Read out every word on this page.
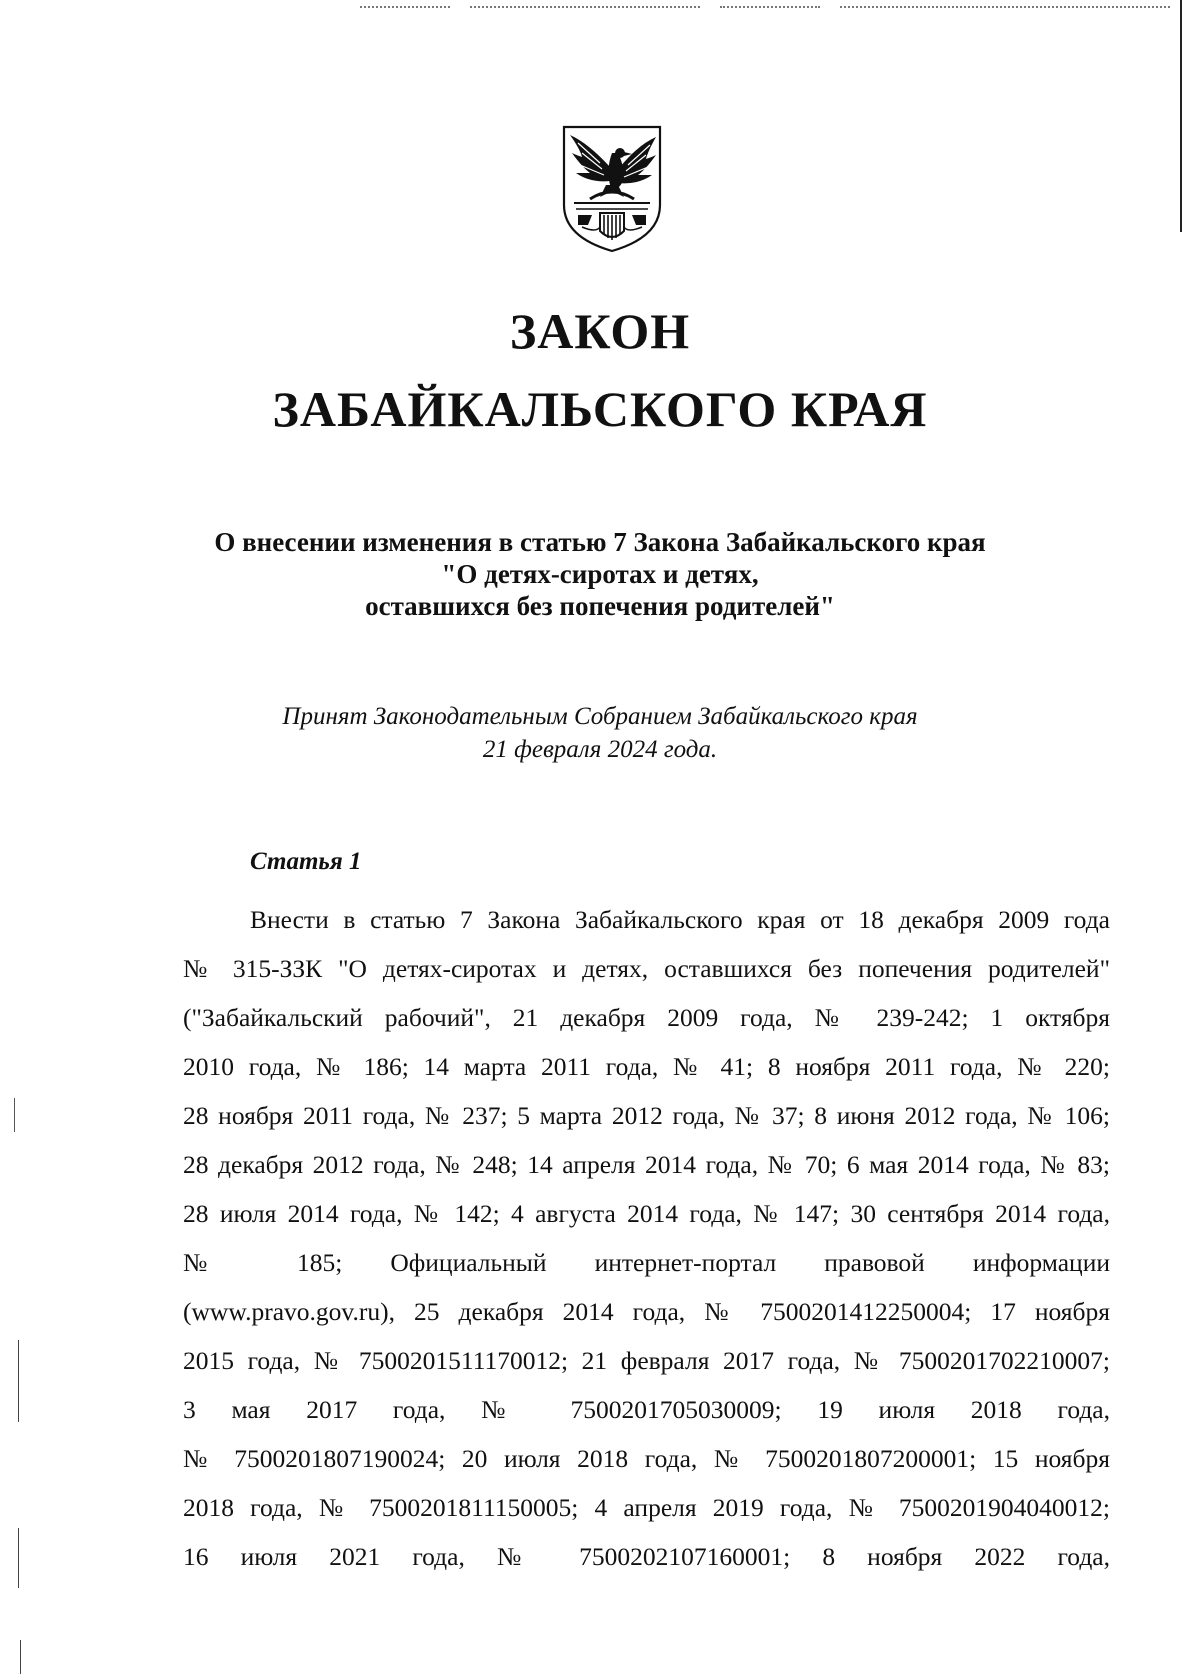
ЗАКОН
ЗАБАЙКАЛЬСКОГО КРАЯ
О внесении изменения в статью 7 Закона Забайкальского края
"О детях-сиротах и детях,
оставшихся без попечения родителей"
Принят Законодательным Собранием Забайкальского края
21 февраля 2024 года.
Статья 1
Внести в статью 7 Закона Забайкальского края от 18 декабря 2009 года
№ 315-ЗЗК "О детях-сиротах и детях, оставшихся без попечения родителей"
("Забайкальский рабочий", 21 декабря 2009 года, № 239-242; 1 октября
2010 года, № 186; 14 марта 2011 года, № 41; 8 ноября 2011 года, № 220;
28 ноября 2011 года, № 237; 5 марта 2012 года, № 37; 8 июня 2012 года, № 106;
28 декабря 2012 года, № 248; 14 апреля 2014 года, № 70; 6 мая 2014 года, № 83;
28 июля 2014 года, № 142; 4 августа 2014 года, № 147; 30 сентября 2014 года,
№ 185; Официальный интернет-портал правовой информации
(www.pravo.gov.ru), 25 декабря 2014 года, № 7500201412250004; 17 ноября
2015 года, № 7500201511170012; 21 февраля 2017 года, № 7500201702210007;
3 мая 2017 года, № 7500201705030009; 19 июля 2018 года,
№ 7500201807190024; 20 июля 2018 года, № 7500201807200001; 15 ноября
2018 года, № 7500201811150005; 4 апреля 2019 года, № 7500201904040012;
16 июля 2021 года, № 7500202107160001; 8 ноября 2022 года,
